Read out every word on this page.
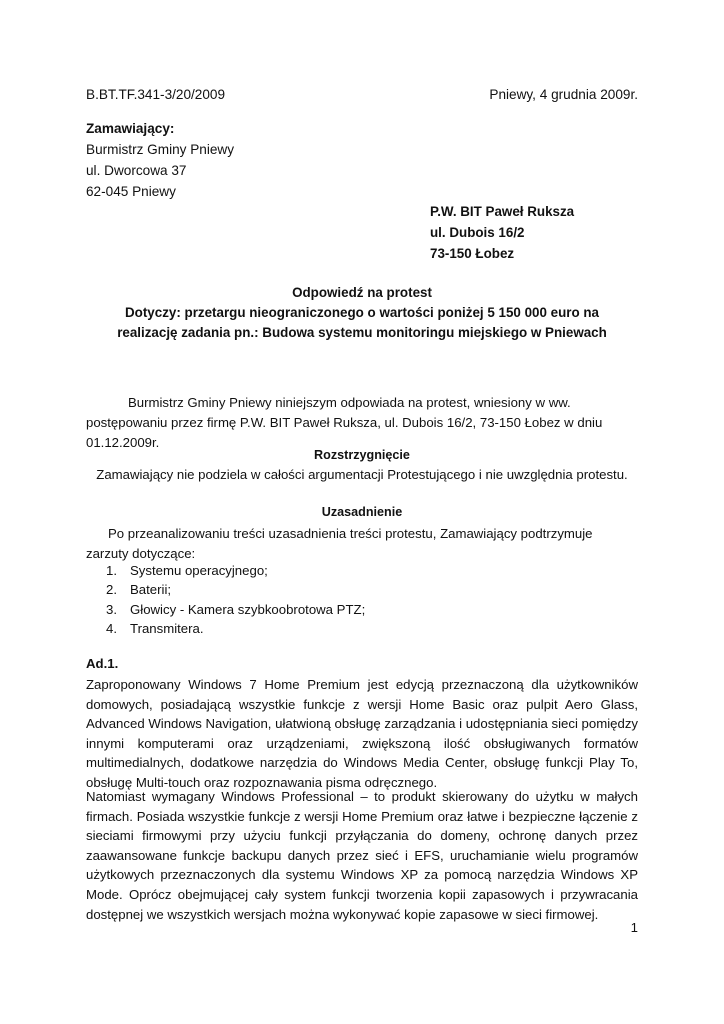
B.BT.TF.341-3/20/2009	Pniewy, 4 grudnia 2009r.
Zamawiający:
Burmistrz Gminy Pniewy
ul. Dworcowa 37
62-045 Pniewy
P.W. BIT Paweł Ruksza
ul. Dubois 16/2
73-150 Łobez
Odpowiedź na protest
Dotyczy: przetargu nieograniczonego o wartości poniżej 5 150 000 euro na realizację zadania pn.: Budowa systemu monitoringu miejskiego w Pniewach
Burmistrz Gminy Pniewy niniejszym odpowiada na protest, wniesiony w ww. postępowaniu przez firmę P.W. BIT Paweł Ruksza, ul. Dubois 16/2, 73-150 Łobez w dniu 01.12.2009r.
Rozstrzygnięcie
Zamawiający nie podziela w całości argumentacji Protestującego i nie uwzględnia protestu.
Uzasadnienie
Po przeanalizowaniu treści uzasadnienia treści protestu, Zamawiający podtrzymuje zarzuty dotyczące:
1. Systemu operacyjnego;
2. Baterii;
3. Głowicy - Kamera szybkoobrotowa PTZ;
4. Transmitera.
Ad.1.
Zaproponowany Windows 7 Home Premium jest edycją przeznaczoną dla użytkowników domowych, posiadającą wszystkie funkcje z wersji Home Basic oraz pulpit Aero Glass, Advanced Windows Navigation, ułatwioną obsługę zarządzania i udostępniania sieci pomiędzy innymi komputerami oraz urządzeniami, zwiększoną ilość obsługiwanych formatów multimedialnych, dodatkowe narzędzia do Windows Media Center, obsługę funkcji Play To, obsługę Multi-touch oraz rozpoznawania pisma odręcznego.
Natomiast wymagany Windows Professional – to produkt skierowany do użytku w małych firmach. Posiada wszystkie funkcje z wersji Home Premium oraz łatwe i bezpieczne łączenie z sieciami firmowymi przy użyciu funkcji przyłączania do domeny, ochronę danych przez zaawansowane funkcje backupu danych przez sieć i EFS, uruchamianie wielu programów użytkowych przeznaczonych dla systemu Windows XP za pomocą narzędzia Windows XP Mode. Oprócz obejmującej cały system funkcji tworzenia kopii zapasowych i przywracania dostępnej we wszystkich wersjach można wykonywać kopie zapasowe w sieci firmowej.
1
